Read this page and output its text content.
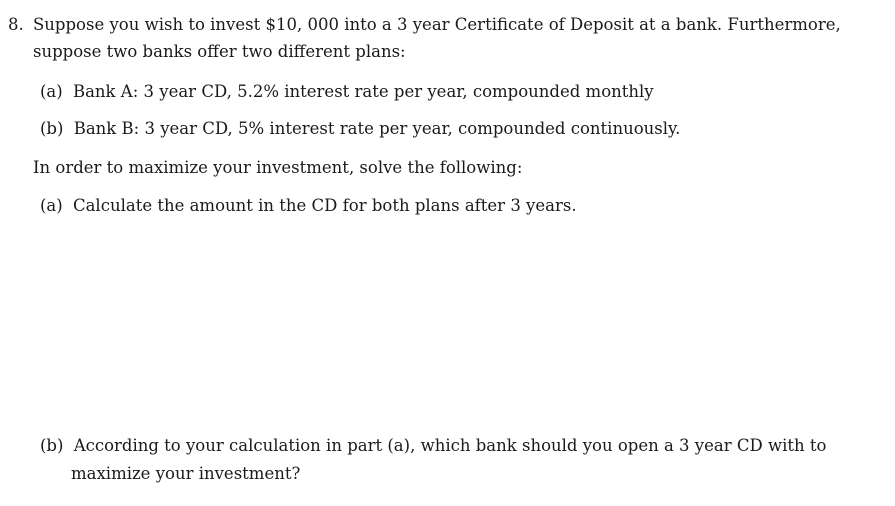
8. Suppose you wish to invest $10, 000 into a 3 year Certificate of Deposit at a bank. Furthermore,
suppose two banks offer two different plans:
(a) Bank A: 3 year CD, 5.2% interest rate per year, compounded monthly
(b) Bank B: 3 year CD, 5% interest rate per year, compounded continuously.
In order to maximize your investment, solve the following:
(a) Calculate the amount in the CD for both plans after 3 years.
(b) According to your calculation in part (a), which bank should you open a 3 year CD with to
maximize your investment?
